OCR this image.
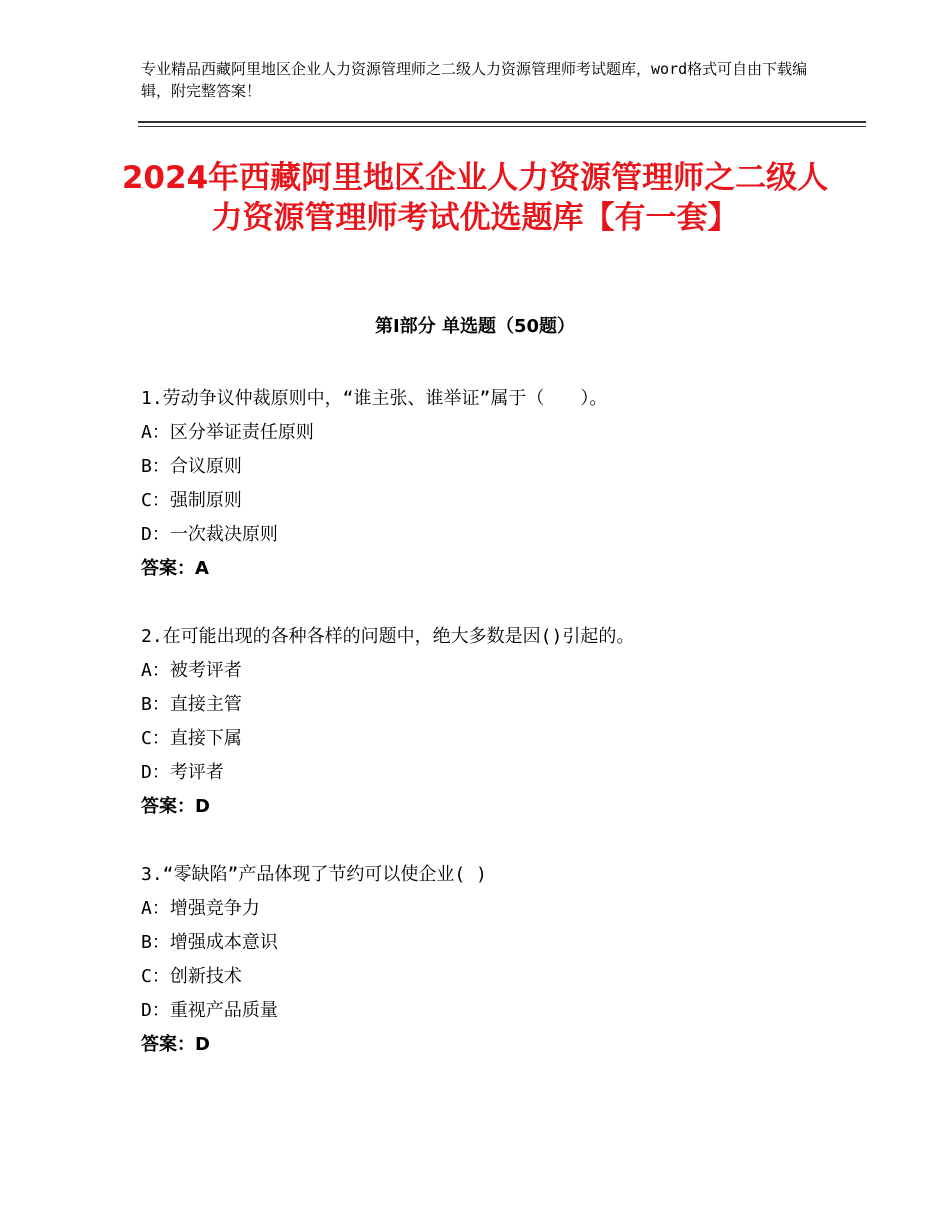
专业精品西藏阿里地区企业人力资源管理师之二级人力资源管理师考试题库，word格式可自由下载编辑，附完整答案！
2024年西藏阿里地区企业人力资源管理师之二级人力资源管理师考试优选题库【有一套】
第Ⅰ部分 单选题（50题）
1.劳动争议仲裁原则中，“谁主张、谁举证”属于（　　）。
A：区分举证责任原则
B：合议原则
C：强制原则
D：一次裁决原则
答案：A
2.在可能出现的各种各样的问题中，绝大多数是因()引起的。
A：被考评者
B：直接主管
C：直接下属
D：考评者
答案：D
3.“零缺陷”产品体现了节约可以使企业( )
A：增强竞争力
B：增强成本意识
C：创新技术
D：重视产品质量
答案：D
